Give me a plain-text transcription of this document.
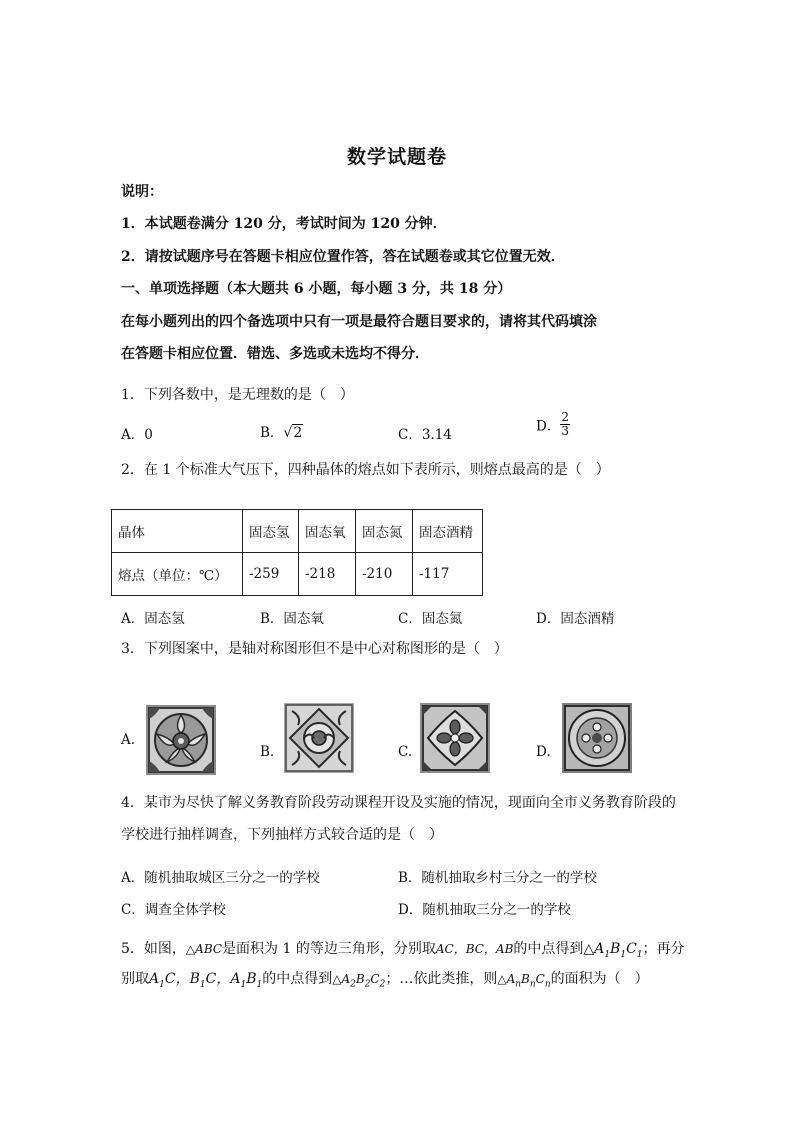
数学试题卷
说明：
1．本试题卷满分 120 分，考试时间为 120 分钟．
2．请按试题序号在答题卡相应位置作答，答在试题卷或其它位置无效．
一、单项选择题（本大题共 6 小题，每小题 3 分，共 18 分）
在每小题列出的四个备选项中只有一项是最符合题目要求的，请将其代码填涂
在答题卡相应位置．错选、多选或未选均不得分．
1．下列各数中，是无理数的是（　）
A．0	B．√2	C．3.14
D． $\frac{2}{3}$
2．在 1 个标准大气压下，四种晶体的熔点如下表所示，则熔点最高的是（　）
晶体	固态氢	固态氧	固态氮	固态酒精
熔点（单位：℃）	-259	-218	-210	-117
A．固态氢	B．固态氧	C．固态氮	D．固态酒精
3．下列图案中，是轴对称图形但不是中心对称图形的是（　）
A.
B.	C.	D.
4．某市为尽快了解义务教育阶段劳动课程开设及实施的情况，现面向全市义务教育阶段的
学校进行抽样调查，下列抽样方式较合适的是（　）
A．随机抽取城区三分之一的学校	B．随机抽取乡村三分之一的学校
C．调查全体学校	D．随机抽取三分之一的学校
5．如图，△ABC是面积为 1 的等边三角形，分别取AC，BC，AB的中点得到$\triangle A_1B_1C_1$；再分
别取$A_1C$，$B_1C$，$A_1B_1$的中点得到$\triangle A_2B_2C_2$；…依此类推，则$\triangle A_nB_nC_n$的面积为（　）
